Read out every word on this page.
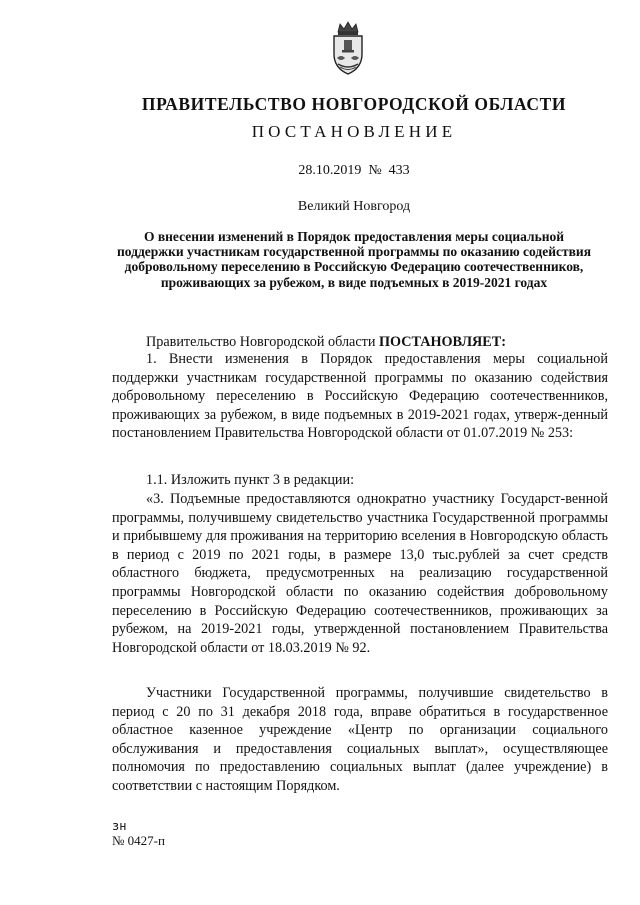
ПРАВИТЕЛЬСТВО НОВГОРОДСКОЙ ОБЛАСТИ
ПОСТАНОВЛЕНИЕ
28.10.2019 № 433
Великий Новгород
О внесении изменений в Порядок предоставления меры социальной поддержки участникам государственной программы по оказанию содействия добровольному переселению в Российскую Федерацию соотечественников, проживающих за рубежом, в виде подъемных в 2019-2021 годах
Правительство Новгородской области ПОСТАНОВЛЯЕТ:
1. Внести изменения в Порядок предоставления меры социальной поддержки участникам государственной программы по оказанию содействия добровольному переселению в Российскую Федерацию соотечественников, проживающих за рубежом, в виде подъемных в 2019-2021 годах, утверж-денный постановлением Правительства Новгородской области от 01.07.2019 № 253:
1.1. Изложить пункт 3 в редакции:
«3. Подъемные предоставляются однократно участнику Государст-венной программы, получившему свидетельство участника Государственной программы и прибывшему для проживания на территорию вселения в Новгородскую область в период с 2019 по 2021 годы, в размере 13,0 тыс.рублей за счет средств областного бюджета, предусмотренных на реализацию государственной программы Новгородской области по оказанию содействия добровольному переселению в Российскую Федерацию соотечественников, проживающих за рубежом, на 2019-2021 годы, утвержденной постановлением Правительства Новгородской области от 18.03.2019 № 92.
Участники Государственной программы, получившие свидетельство в период с 20 по 31 декабря 2018 года, вправе обратиться в государственное областное казенное учреждение «Центр по организации социального обслуживания и предоставления социальных выплат», осуществляющее полномочия по предоставлению социальных выплат (далее учреждение) в соответствии с настоящим Порядком.
зн
№ 0427-п
